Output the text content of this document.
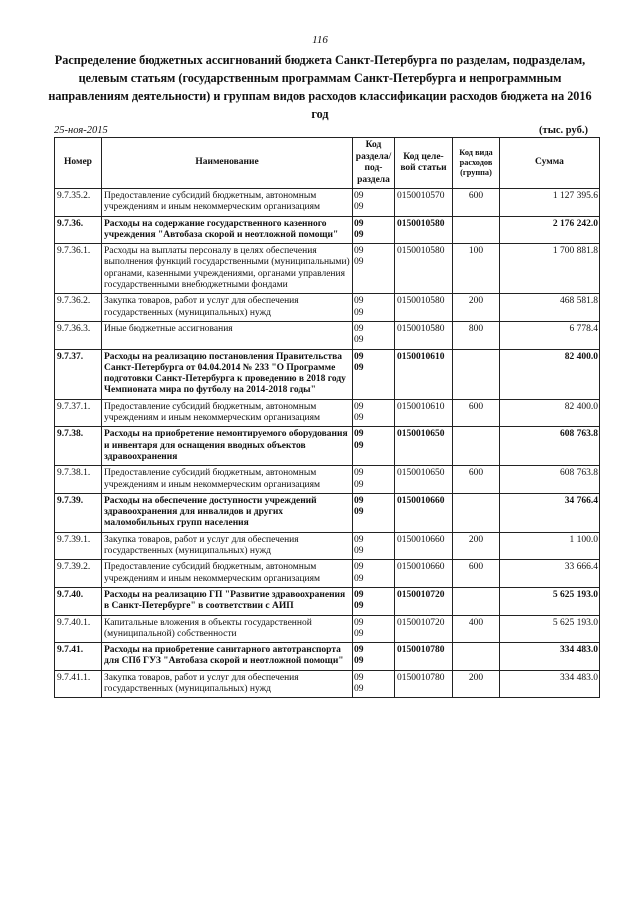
116
Распределение бюджетных ассигнований бюджета Санкт-Петербурга по разделам, подразделам, целевым статьям (государственным программам Санкт-Петербурга и непрограммным направлениям деятельности) и группам видов расходов классификации расходов бюджета на 2016 год
25-ноя-2015	(тыс. руб.)
Номер	Наименование	Код раздела/ под-раздела	Код целе-вой статьи	Код вида расходов (группа)	Сумма
9.7.35.2.	Предоставление субсидий бюджетным, автономным учреждениям и иным некоммерческим организациям	0909	0150010570	600	1 127 395.6
9.7.36.	Расходы на содержание государственного казенного учреждения "Автобаза скорой и неотложной помощи"	0909	0150010580		2 176 242.0
9.7.36.1.	Расходы на выплаты персоналу в целях обеспечения выполнения функций государственными (муниципальными) органами, казенными учреждениями, органами управления государственными внебюджетными фондами	0909	0150010580	100	1 700 881.8
9.7.36.2.	Закупка товаров, работ и услуг для обеспечения государственных (муниципальных) нужд	0909	0150010580	200	468 581.8
9.7.36.3.	Иные бюджетные ассигнования	0909	0150010580	800	6 778.4
9.7.37.	Расходы на реализацию постановления Правительства Санкт-Петербурга от 04.04.2014 № 233 "О Программе подготовки Санкт-Петербурга к проведению в 2018 году Чемпионата мира по футболу на 2014-2018 годы"	0909	0150010610		82 400.0
9.7.37.1.	Предоставление субсидий бюджетным, автономным учреждениям и иным некоммерческим организациям	0909	0150010610	600	82 400.0
9.7.38.	Расходы на приобретение немонтируемого оборудования и инвентаря для оснащения вводных объектов здравоохранения	0909	0150010650		608 763.8
9.7.38.1.	Предоставление субсидий бюджетным, автономным учреждениям и иным некоммерческим организациям	0909	0150010650	600	608 763.8
9.7.39.	Расходы на обеспечение доступности учреждений здравоохранения для инвалидов и других маломобильных групп населения	0909	0150010660		34 766.4
9.7.39.1.	Закупка товаров, работ и услуг для обеспечения государственных (муниципальных) нужд	0909	0150010660	200	1 100.0
9.7.39.2.	Предоставление субсидий бюджетным, автономным учреждениям и иным некоммерческим организациям	0909	0150010660	600	33 666.4
9.7.40.	Расходы на реализацию ГП "Развитие здравоохранения в Санкт-Петербурге" в соответствии с АИП	0909	0150010720		5 625 193.0
9.7.40.1.	Капитальные вложения в объекты государственной (муниципальной) собственности	0909	0150010720	400	5 625 193.0
9.7.41.	Расходы на приобретение санитарного автотранспорта для СПб ГУЗ "Автобаза скорой и неотложной помощи"	0909	0150010780		334 483.0
9.7.41.1.	Закупка товаров, работ и услуг для обеспечения государственных (муниципальных) нужд	0909	0150010780	200	334 483.0
